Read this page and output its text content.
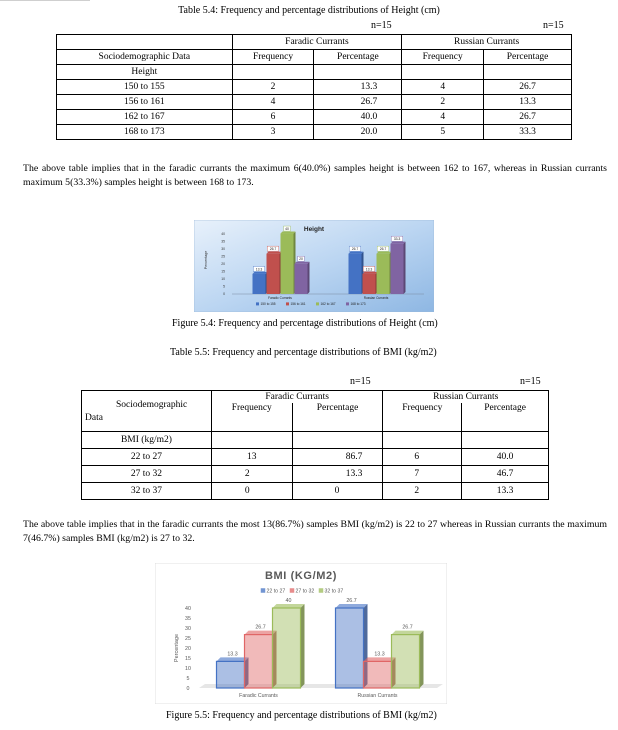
Table 5.4: Frequency and percentage distributions of Height (cm)
n=15	n=15
	Faradic Currants		Russian Currants	
Sociodemographic Data	Frequency	Percentage	Frequency	Percentage
Height				
150 to 155	2	13.3	4	26.7
156 to 161	4	26.7	2	13.3
162 to 167	6	40.0	4	26.7
168 to 173	3	20.0	5	33.3
The above table implies that in the faradic currants the maximum 6(40.0%) samples height is between 162 to 167, whereas in Russian currants maximum 5(33.3%) samples height is between 168 to 173.
Height
Percentage
0
5
10
15
20
25
30
35
40
13.3
26.7
40
20
Faradic Currants
26.7
13.3
26.7
33.3
Russian Currants
150 to 155	156 to 161	162 to 167	168 to 173
Figure 5.4: Frequency and percentage distributions of Height (cm)
Table 5.5: Frequency and percentage distributions of BMI (kg/m2)
n=15	n=15
Sociodemographic
Data	Faradic Currants		Russian Currants	
	Frequency	Percentage	Frequency	Percentage
BMI (kg/m2)				
22 to 27	13	86.7	6	40.0
27 to 32	2	13.3	7	46.7
32 to 37	0	0	2	13.3
The above table implies that in the faradic currants the most 13(86.7%) samples BMI (kg/m2) is 22 to 27 whereas in Russian currants the maximum 7(46.7%) samples BMI (kg/m2) is 27 to 32.
BMI (KG/M2)
22 to 27 27 to 32 32 to 37
Percentage
0
5
10
15
20
25
30
35
40
13.3
26.7
40
Faradic Currants
26.7
13.3
26.7
Russian Currants
Figure 5.5: Frequency and percentage distributions of BMI (kg/m2)
